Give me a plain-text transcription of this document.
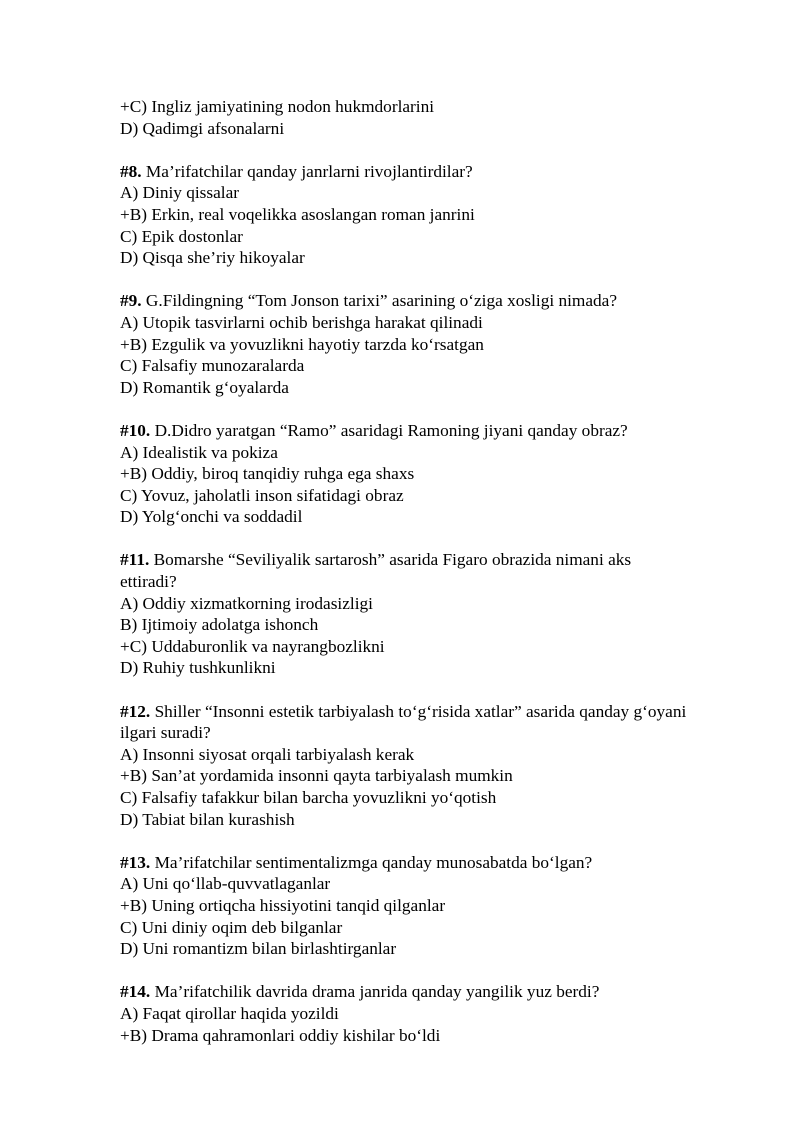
+C) Ingliz jamiyatining nodon hukmdorlarini
D) Qadimgi afsonalarni
#8. Ma’rifatchilar qanday janrlarni rivojlantirdilar?
A) Diniy qissalar
+B) Erkin, real voqelikka asoslangan roman janrini
C) Epik dostonlar
D) Qisqa she’riy hikoyalar
#9. G.Fildingning “Tom Jonson tarixi” asarining o‘ziga xosligi nimada?
A) Utopik tasvirlarni ochib berishga harakat qilinadi
+B) Ezgulik va yovuzlikni hayotiy tarzda ko‘rsatgan
C) Falsafiy munozaralarda
D) Romantik g‘oyalarda
#10. D.Didro yaratgan “Ramo” asaridagi Ramoning jiyani qanday obraz?
A) Idealistik va pokiza
+B) Oddiy, biroq tanqidiy ruhga ega shaxs
C) Yovuz, jaholatli inson sifatidagi obraz
D) Yolg‘onchi va soddadil
#11. Bomarshe “Seviliyalik sartarosh” asarida Figaro obrazida nimani aks ettiradi?
A) Oddiy xizmatkorning irodasizligi
B) Ijtimoiy adolatga ishonch
+C) Uddaburonlik va nayrangbozlikni
D) Ruhiy tushkunlikni
#12. Shiller “Insonni estetik tarbiyalash to‘g‘risida xatlar” asarida qanday g‘oyani ilgari suradi?
A) Insonni siyosat orqali tarbiyalash kerak
+B) San’at yordamida insonni qayta tarbiyalash mumkin
C) Falsafiy tafakkur bilan barcha yovuzlikni yo‘qotish
D) Tabiat bilan kurashish
#13. Ma’rifatchilar sentimentalizmga qanday munosabatda bo‘lgan?
A) Uni qo‘llab-quvvatlaganlar
+B) Uning ortiqcha hissiyotini tanqid qilganlar
C) Uni diniy oqim deb bilganlar
D) Uni romantizm bilan birlashtirganlar
#14. Ma’rifatchilik davrida drama janrida qanday yangilik yuz berdi?
A) Faqat qirollar haqida yozildi
+B) Drama qahramonlari oddiy kishilar bo‘ldi
